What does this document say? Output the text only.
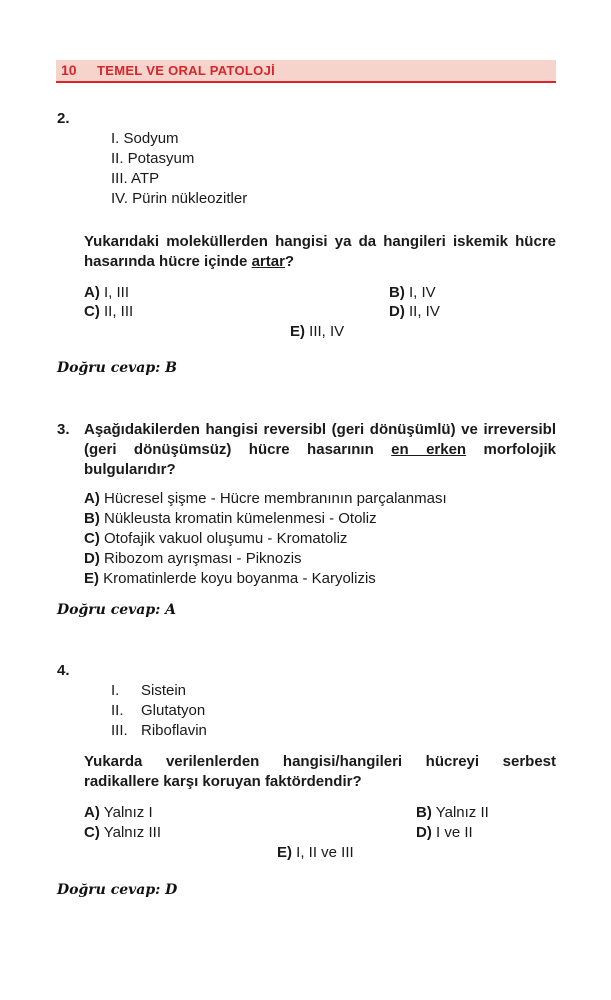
10 TEMEL VE ORAL PATOLOJİ
2.
I. Sodyum
II. Potasyum
III. ATP
IV. Pürin nükleozitler
Yukarıdaki moleküllerden hangisi ya da hangileri iskemik hücre hasarında hücre içinde artar?
A) I, III	B) I, IV
C) II, III	D) II, IV
E) III, IV
Doğru cevap: B
3. Aşağıdakilerden hangisi reversibl (geri dönüşümlü) ve irreversibl (geri dönüşümsüz) hücre hasarının en erken morfolojik bulgularıdır?
A) Hücresel şişme - Hücre membranının parçalanması
B) Nükleusta kromatin kümelenmesi - Otoliz
C) Otofajik vakuol oluşumu - Kromatoliz
D) Ribozom ayrışması - Piknozis
E) Kromatinlerde koyu boyanma - Karyolizis
Doğru cevap: A
4.
I. Sistein
II. Glutatyon
III. Riboflavin
Yukarda verilenlerden hangisi/hangileri hücreyi serbest radikallere karşı koruyan faktördendir?
A) Yalnız I	B) Yalnız II
C) Yalnız III	D) I ve II
E) I, II ve III
Doğru cevap: D
